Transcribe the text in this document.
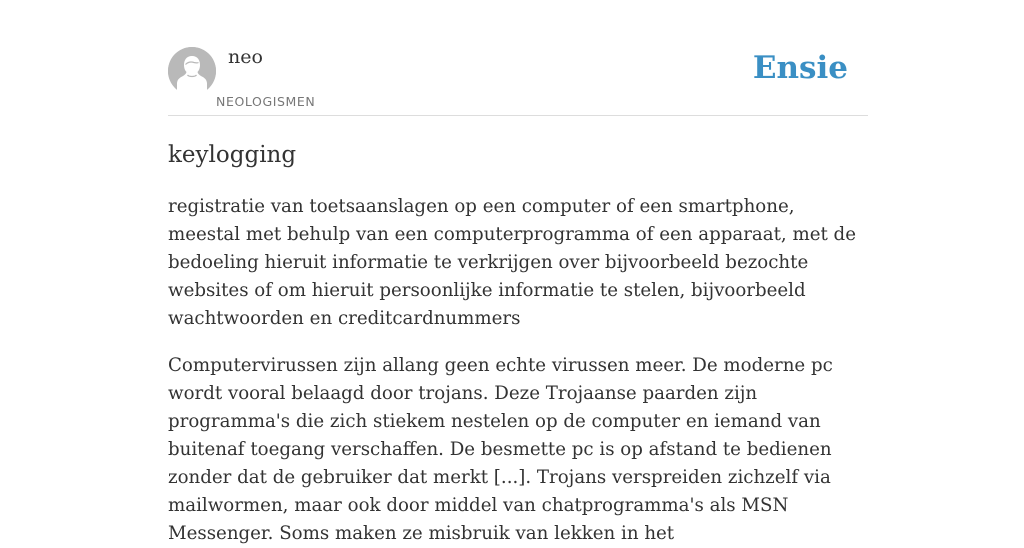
neo
NEOLOGISMEN
Ensie
keylogging

registratie van toetsaanslagen op een computer of een smartphone, meestal met behulp van een computerprogramma of een apparaat, met de bedoeling hieruit informatie te verkrijgen over bijvoorbeeld bezochte websites of om hieruit persoonlijke informatie te stelen, bijvoorbeeld wachtwoorden en creditcardnummers

Computervirussen zijn allang geen echte virussen meer. De moderne pc wordt vooral belaagd door trojans. Deze Trojaanse paarden zijn programma's die zich stiekem nestelen op de computer en iemand van buitenaf toegang verschaffen. De besmette pc is op afstand te bedienen zonder dat de gebruiker dat merkt [...]. Trojans verspreiden zichzelf via mailwormen, maar ook door middel van chatprogramma's als MSN Messenger. Soms maken ze misbruik van lekken in het
